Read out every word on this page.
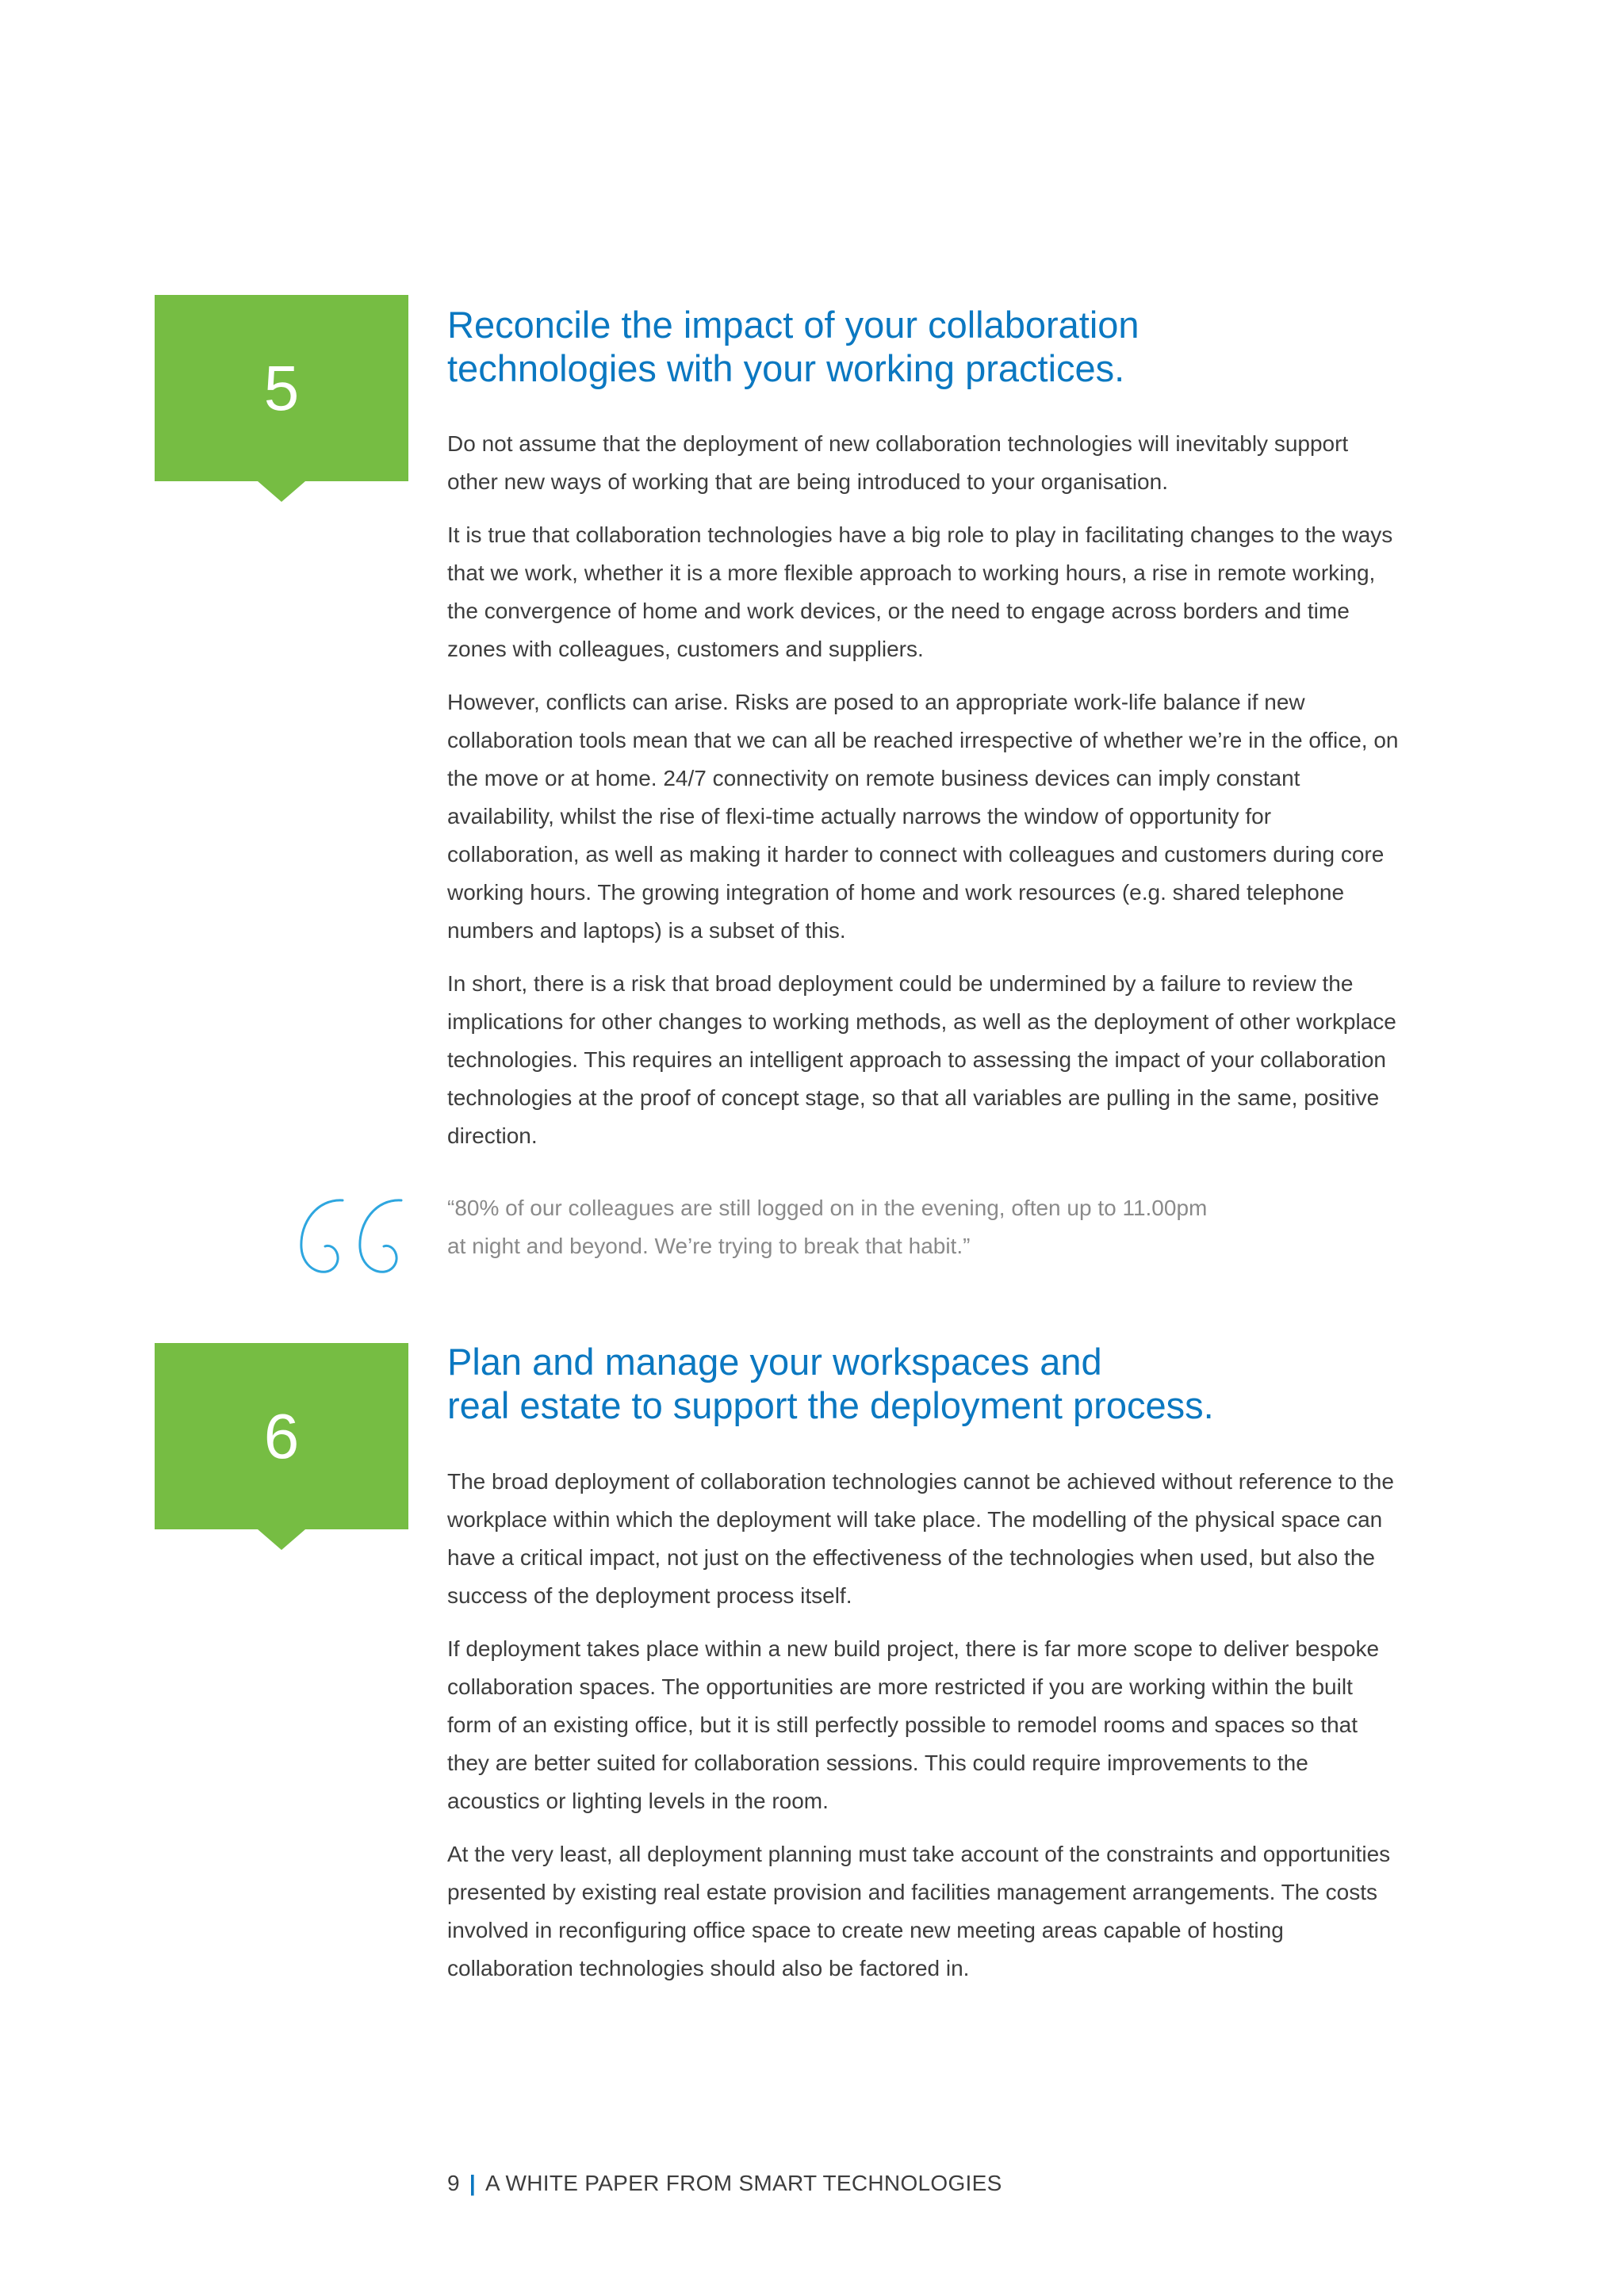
5
Reconcile the impact of your collaboration
technologies with your working practices.

Do not assume that the deployment of new collaboration technologies will inevitably support other new ways of working that are being introduced to your organisation.

It is true that collaboration technologies have a big role to play in facilitating changes to the ways that we work, whether it is a more flexible approach to working hours, a rise in remote working, the convergence of home and work devices, or the need to engage across borders and time zones with colleagues, customers and suppliers.

However, conflicts can arise. Risks are posed to an appropriate work-life balance if new collaboration tools mean that we can all be reached irrespective of whether we’re in the office, on the move or at home. 24/7 connectivity on remote business devices can imply constant availability, whilst the rise of flexi-time actually narrows the window of opportunity for collaboration, as well as making it harder to connect with colleagues and customers during core working hours. The growing integration of home and work resources (e.g. shared telephone numbers and laptops) is a subset of this.

In short, there is a risk that broad deployment could be undermined by a failure to review the implications for other changes to working methods, as well as the deployment of other workplace technologies. This requires an intelligent approach to assessing the impact of your collaboration technologies at the proof of concept stage, so that all variables are pulling in the same, positive direction.

“80% of our colleagues are still logged on in the evening, often up to 11.00pm
at night and beyond. We’re trying to break that habit.”
6
Plan and manage your workspaces and
real estate to support the deployment process.

The broad deployment of collaboration technologies cannot be achieved without reference to the workplace within which the deployment will take place. The modelling of the physical space can have a critical impact, not just on the effectiveness of the technologies when used, but also the success of the deployment process itself.

If deployment takes place within a new build project, there is far more scope to deliver bespoke collaboration spaces. The opportunities are more restricted if you are working within the built form of an existing office, but it is still perfectly possible to remodel rooms and spaces so that they are better suited for collaboration sessions. This could require improvements to the acoustics or lighting levels in the room.

At the very least, all deployment planning must take account of the constraints and opportunities presented by existing real estate provision and facilities management arrangements. The costs involved in reconfiguring office space to create new meeting areas capable of hosting collaboration technologies should also be factored in.

9 | A WHITE PAPER FROM SMART TECHNOLOGIES
